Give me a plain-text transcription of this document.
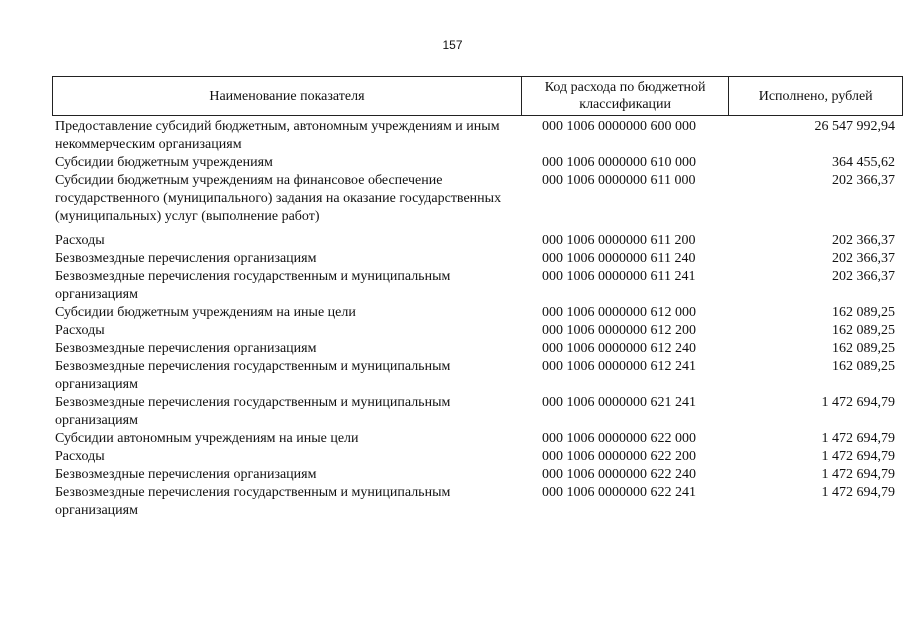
157
Наименование показателя
Код расхода по бюджетной классификации
Исполнено, рублей
Предоставление субсидий бюджетным, автономным учреждениям и иным некоммерческим организациям
000 1006 0000000 600 000	26 547 992,94
Субсидии бюджетным учреждениям	000 1006 0000000 610 000	364 455,62
Субсидии бюджетным учреждениям на финансовое обеспечение государственного (муниципального) задания на оказание государственных (муниципальных) услуг (выполнение работ)
000 1006 0000000 611 000	202 366,37
Расходы	000 1006 0000000 611 200	202 366,37
Безвозмездные перечисления организациям	000 1006 0000000 611 240	202 366,37
Безвозмездные перечисления государственным и муниципальным организациям
000 1006 0000000 611 241	202 366,37
Субсидии бюджетным учреждениям на иные цели	000 1006 0000000 612 000	162 089,25
Расходы	000 1006 0000000 612 200	162 089,25
Безвозмездные перечисления организациям	000 1006 0000000 612 240	162 089,25
Безвозмездные перечисления государственным и муниципальным организациям
000 1006 0000000 612 241	162 089,25
Безвозмездные перечисления государственным и муниципальным организациям
000 1006 0000000 621 241	1 472 694,79
Субсидии автономным учреждениям на иные цели	000 1006 0000000 622 000	1 472 694,79
Расходы	000 1006 0000000 622 200	1 472 694,79
Безвозмездные перечисления организациям	000 1006 0000000 622 240	1 472 694,79
Безвозмездные перечисления государственным и муниципальным организациям
000 1006 0000000 622 241	1 472 694,79
